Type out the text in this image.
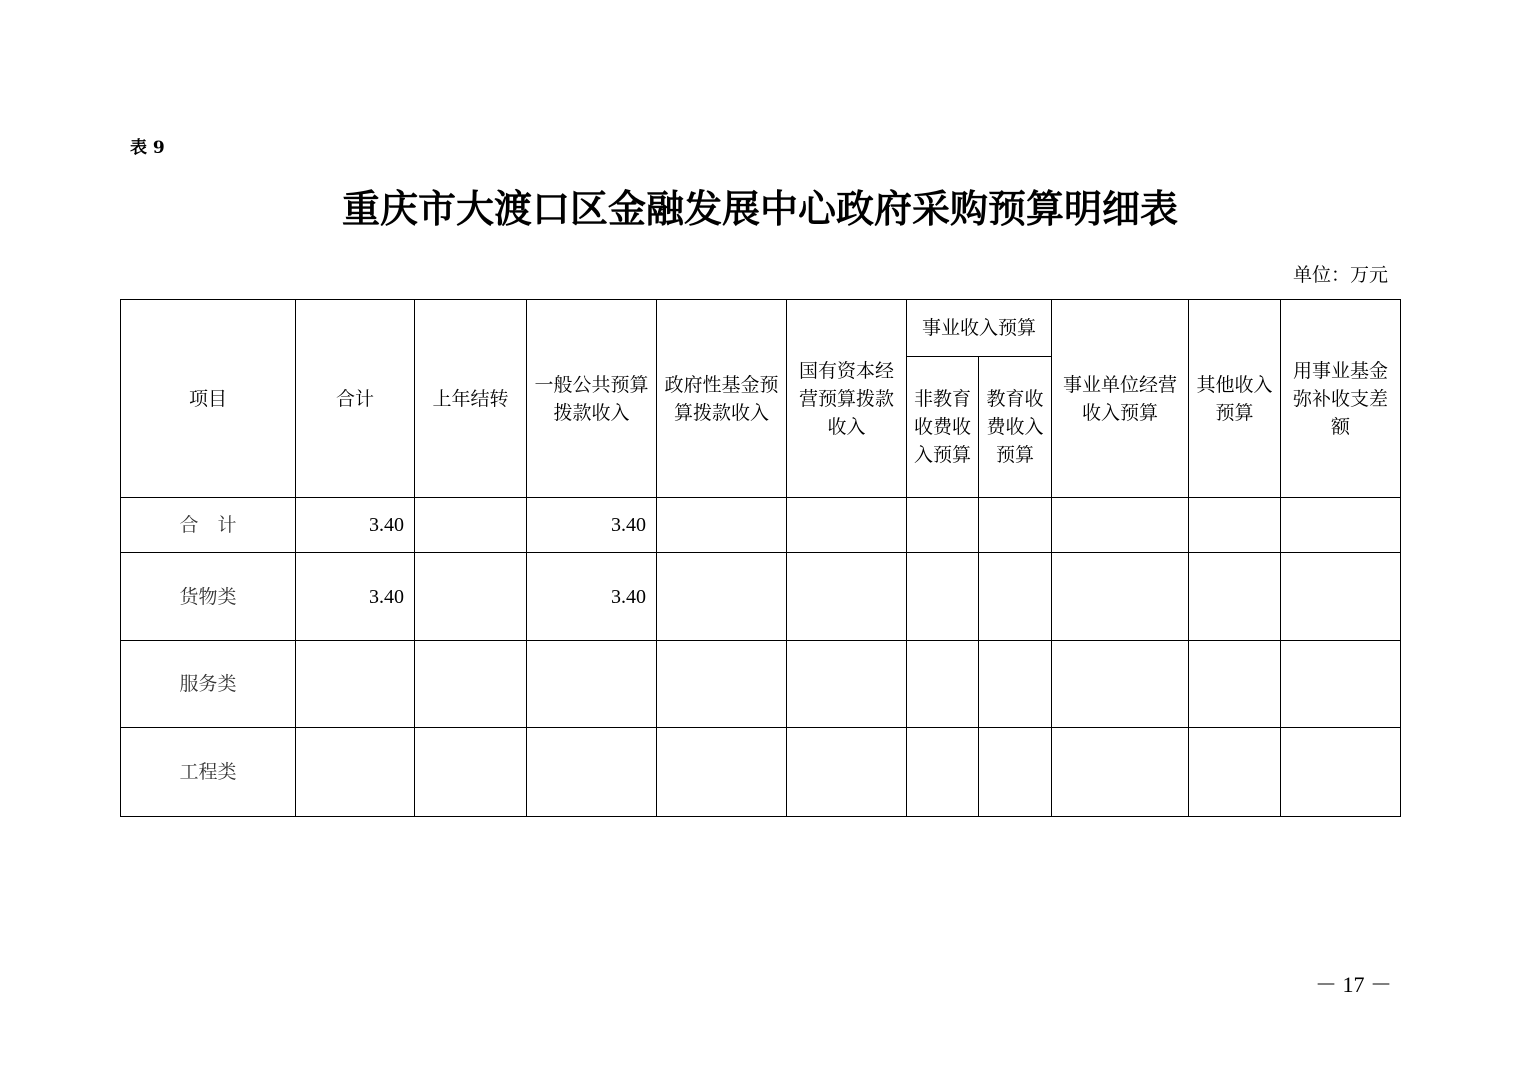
表 9
重庆市大渡口区金融发展中心政府采购预算明细表
单位：万元
项目	合计	上年结转	一般公共预算拨款收入	政府性基金预算拨款收入	国有资本经营预算拨款收入	事业收入预算		事业单位经营收入预算	其他收入预算	用事业基金弥补收支差额
						非教育收费收入预算	教育收费收入预算			
合　计	3.40		3.40							
货物类	3.40		3.40							
服务类										
工程类										
－ 17 －
